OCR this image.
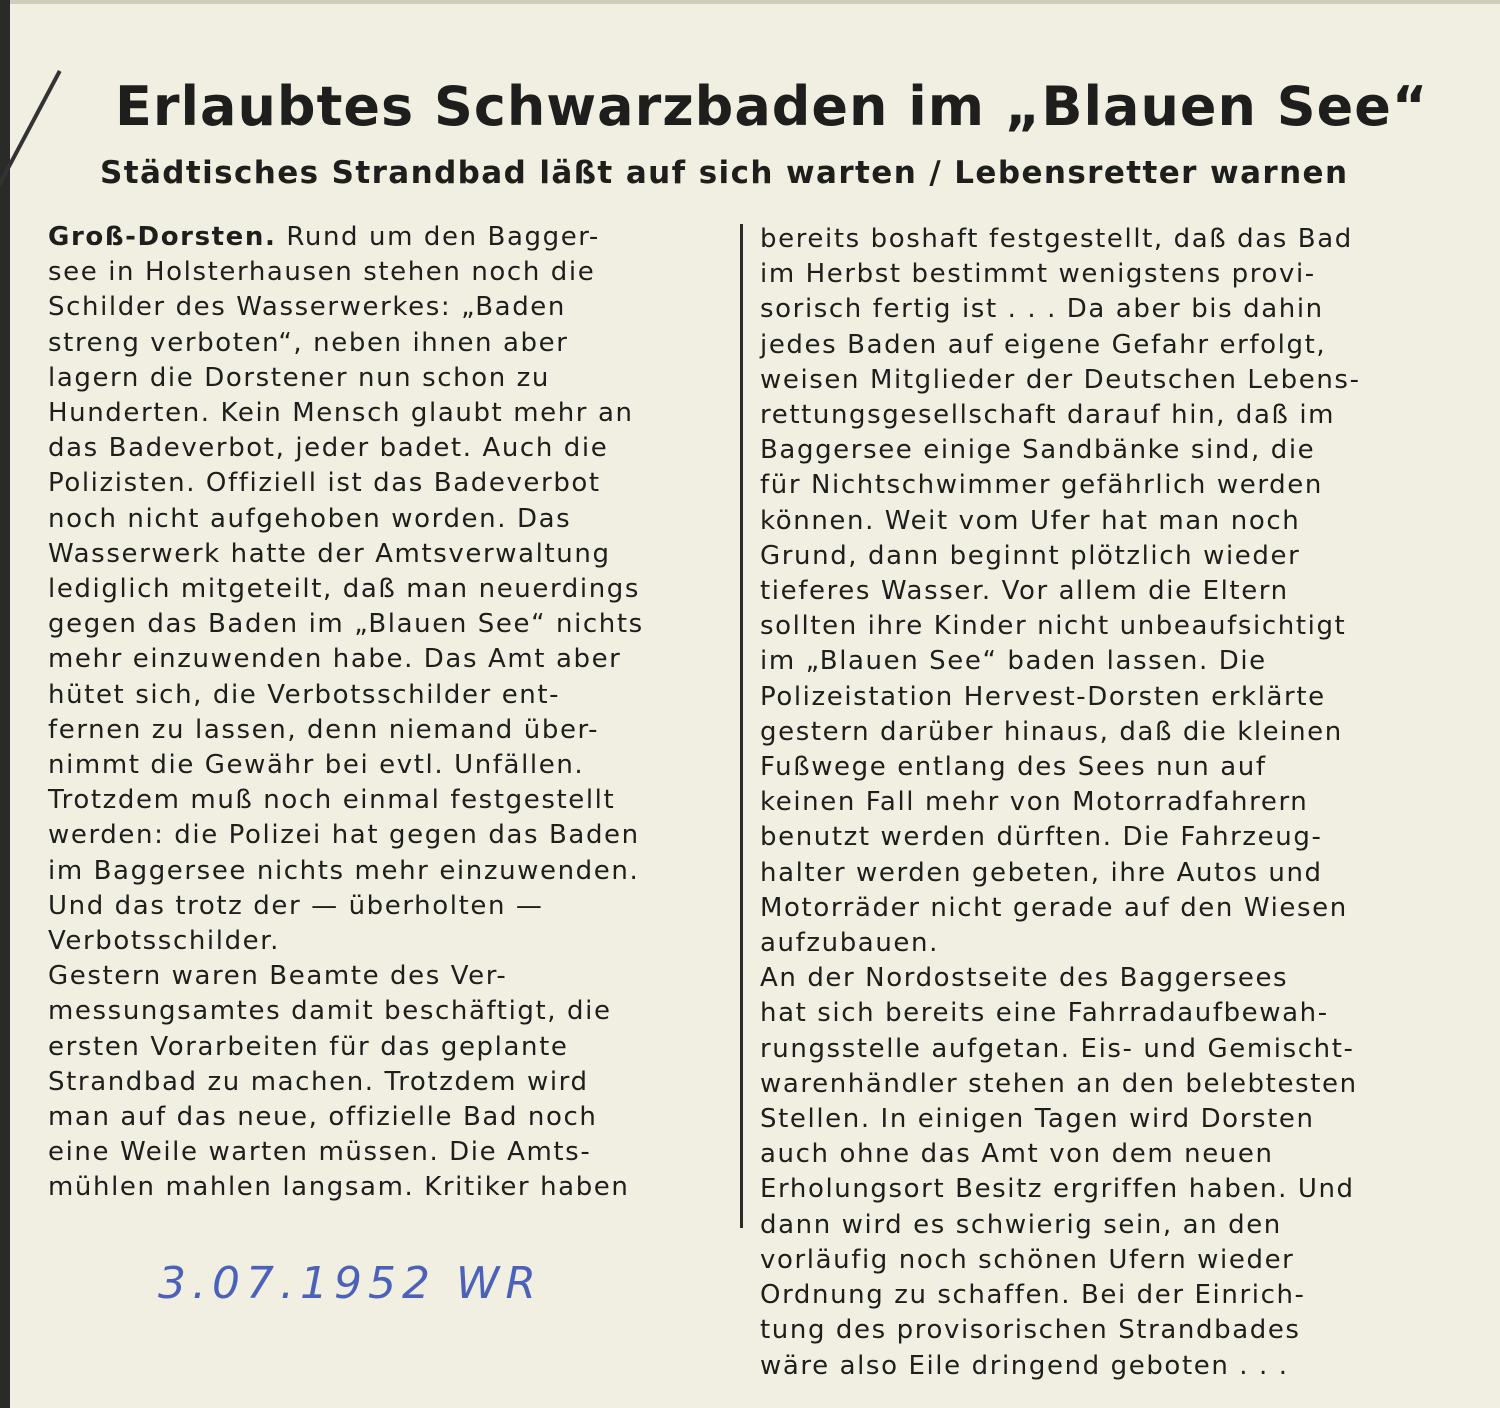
Erlaubtes Schwarzbaden im „Blauen See“
Städtisches Strandbad läßt auf sich warten / Lebensretter warnen

Groß-Dorsten. Rund um den Bagger-
see in Holsterhausen stehen noch die
Schilder des Wasserwerkes: „Baden
streng verboten“, neben ihnen aber
lagern die Dorstener nun schon zu
Hunderten. Kein Mensch glaubt mehr an
das Badeverbot, jeder badet. Auch die
Polizisten. Offiziell ist das Badeverbot
noch nicht aufgehoben worden. Das
Wasserwerk hatte der Amtsverwaltung
lediglich mitgeteilt, daß man neuerdings
gegen das Baden im „Blauen See“ nichts
mehr einzuwenden habe. Das Amt aber
hütet sich, die Verbotsschilder ent-
fernen zu lassen, denn niemand über-
nimmt die Gewähr bei evtl. Unfällen.
Trotzdem muß noch einmal festgestellt
werden: die Polizei hat gegen das Baden
im Baggersee nichts mehr einzuwenden.
Und das trotz der — überholten —
Verbotsschilder.

Gestern waren Beamte des Ver-
messungsamtes damit beschäftigt, die
ersten Vorarbeiten für das geplante
Strandbad zu machen. Trotzdem wird
man auf das neue, offizielle Bad noch
eine Weile warten müssen. Die Amts-
mühlen mahlen langsam. Kritiker haben

bereits boshaft festgestellt, daß das Bad
im Herbst bestimmt wenigstens provi-
sorisch fertig ist . . . Da aber bis dahin
jedes Baden auf eigene Gefahr erfolgt,
weisen Mitglieder der Deutschen Lebens-
rettungsgesellschaft darauf hin, daß im
Baggersee einige Sandbänke sind, die
für Nichtschwimmer gefährlich werden
können. Weit vom Ufer hat man noch
Grund, dann beginnt plötzlich wieder
tieferes Wasser. Vor allem die Eltern
sollten ihre Kinder nicht unbeaufsichtigt
im „Blauen See“ baden lassen. Die
Polizeistation Hervest-Dorsten erklärte
gestern darüber hinaus, daß die kleinen
Fußwege entlang des Sees nun auf
keinen Fall mehr von Motorradfahrern
benutzt werden dürften. Die Fahrzeug-
halter werden gebeten, ihre Autos und
Motorräder nicht gerade auf den Wiesen
aufzubauen.

An der Nordostseite des Baggersees
hat sich bereits eine Fahrradaufbewah-
rungsstelle aufgetan. Eis- und Gemischt-
warenhändler stehen an den belebtesten
Stellen. In einigen Tagen wird Dorsten
auch ohne das Amt von dem neuen
Erholungsort Besitz ergriffen haben. Und
dann wird es schwierig sein, an den
vorläufig noch schönen Ufern wieder
Ordnung zu schaffen. Bei der Einrich-
tung des provisorischen Strandbades
wäre also Eile dringend geboten . . .

3.07.1952 WR
